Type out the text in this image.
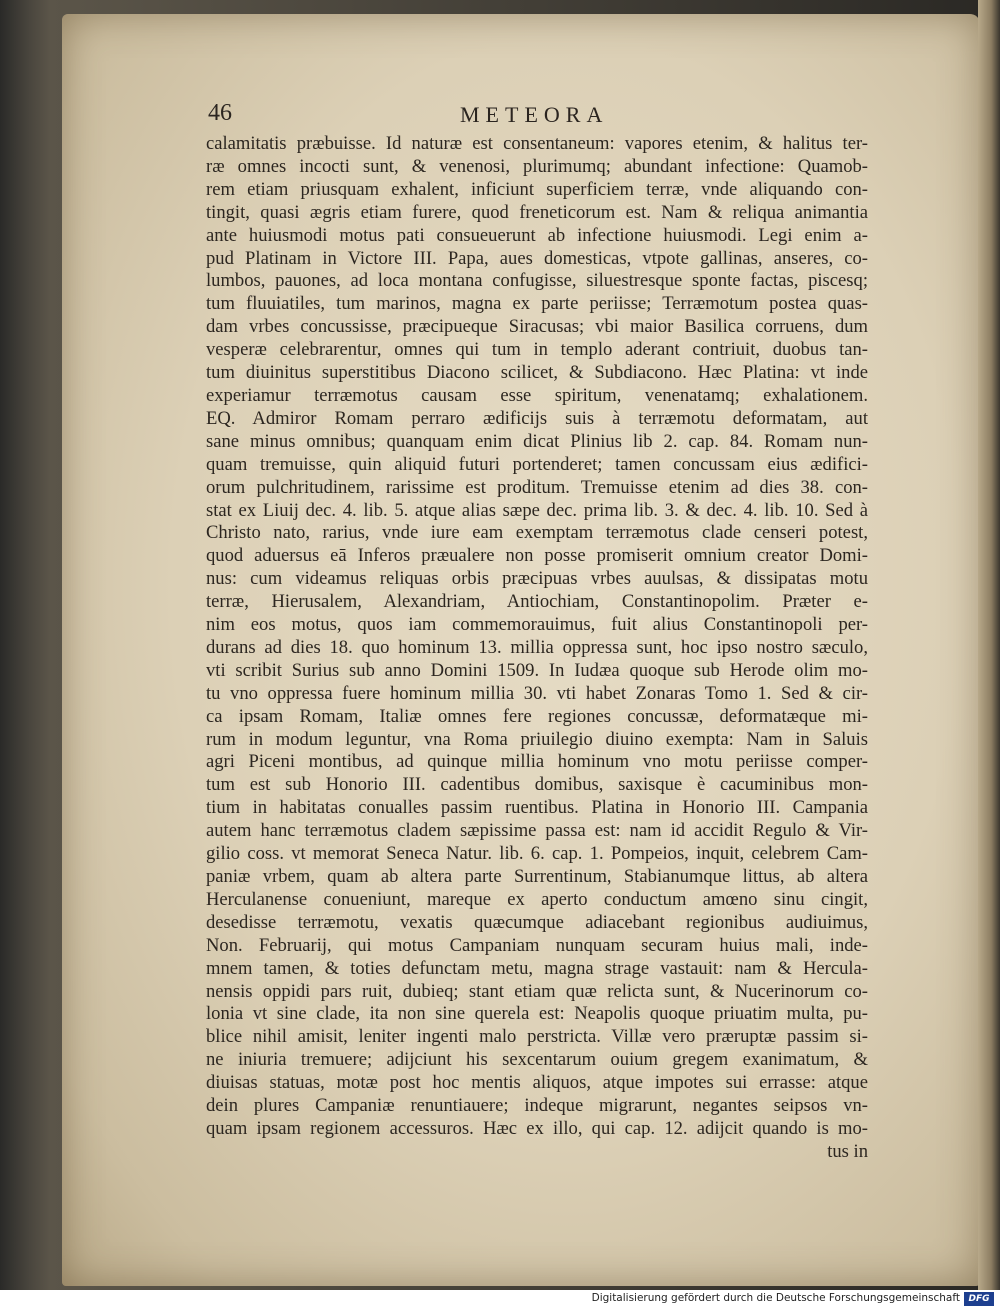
46	METEORA
calamitatis præbuisse. Id naturæ est consentaneum: vapores etenim, & halitus ter-
ræ omnes incocti sunt, & venenosi, plurimumq; abundant infectione: Quamob-
rem etiam priusquam exhalent, inficiunt superficiem terræ, vnde aliquando con-
tingit, quasi ægris etiam furere, quod freneticorum est. Nam & reliqua animantia
ante huiusmodi motus pati consueuerunt ab infectione huiusmodi. Legi enim a-
pud Platinam in Victore III. Papa, aues domesticas, vtpote gallinas, anseres, co-
lumbos, pauones, ad loca montana confugisse, siluestresque sponte factas, piscesq;
tum fluuiatiles, tum marinos, magna ex parte periisse; Terræmotum postea quas-
dam vrbes concussisse, præcipueque Siracusas; vbi maior Basilica corruens, dum
vesperæ celebrarentur, omnes qui tum in templo aderant contriuit, duobus tan-
tum diuinitus superstitibus Diacono scilicet, & Subdiacono. Hæc Platina: vt inde
experiamur terræmotus causam esse spiritum, venenatamq; exhalationem.
EQ. Admiror Romam perraro ædificijs suis à terræmotu deformatam, aut
sane minus omnibus; quanquam enim dicat Plinius lib 2. cap. 84. Romam nun-
quam tremuisse, quin aliquid futuri portenderet; tamen concussam eius ædifici-
orum pulchritudinem, rarissime est proditum. Tremuisse etenim ad dies 38. con-
stat ex Liuij dec. 4. lib. 5. atque alias sæpe dec. prima lib. 3. & dec. 4. lib. 10. Sed à
Christo nato, rarius, vnde iure eam exemptam terræmotus clade censeri potest,
quod aduersus eā Inferos præualere non posse promiserit omnium creator Domi-
nus: cum videamus reliquas orbis præcipuas vrbes auulsas, & dissipatas motu
terræ, Hierusalem, Alexandriam, Antiochiam, Constantinopolim. Præter e-
nim eos motus, quos iam commemorauimus, fuit alius Constantinopoli per-
durans ad dies 18. quo hominum 13. millia oppressa sunt, hoc ipso nostro sæculo,
vti scribit Surius sub anno Domini 1509. In Iudæa quoque sub Herode olim mo-
tu vno oppressa fuere hominum millia 30. vti habet Zonaras Tomo 1. Sed & cir-
ca ipsam Romam, Italiæ omnes fere regiones concussæ, deformatæque mi-
rum in modum leguntur, vna Roma priuilegio diuino exempta: Nam in Saluis
agri Piceni montibus, ad quinque millia hominum vno motu periisse comper-
tum est sub Honorio III. cadentibus domibus, saxisque è cacuminibus mon-
tium in habitatas conualles passim ruentibus. Platina in Honorio III. Campania
autem hanc terræmotus cladem sæpissime passa est: nam id accidit Regulo & Vir-
gilio coss. vt memorat Seneca Natur. lib. 6. cap. 1. Pompeios, inquit, celebrem Cam-
paniæ vrbem, quam ab altera parte Surrentinum, Stabianumque littus, ab altera
Herculanense conueniunt, mareque ex aperto conductum amœno sinu cingit,
desedisse terræmotu, vexatis quæcumque adiacebant regionibus audiuimus,
Non. Februarij, qui motus Campaniam nunquam securam huius mali, inde-
mnem tamen, & toties defunctam metu, magna strage vastauit: nam & Hercula-
nensis oppidi pars ruit, dubieq; stant etiam quæ relicta sunt, & Nucerinorum co-
lonia vt sine clade, ita non sine querela est: Neapolis quoque priuatim multa, pu-
blice nihil amisit, leniter ingenti malo perstricta. Villæ vero præruptæ passim si-
ne iniuria tremuere; adijciunt his sexcentarum ouium gregem exanimatum, &
diuisas statuas, motæ post hoc mentis aliquos, atque impotes sui errasse: atque
dein plures Campaniæ renuntiauere; indeque migrarunt, negantes seipsos vn-
quam ipsam regionem accessuros. Hæc ex illo, qui cap. 12. adijcit quando is mo-
tus in
Digitalisierung gefördert durch die Deutsche Forschungsgemeinschaft DFG
